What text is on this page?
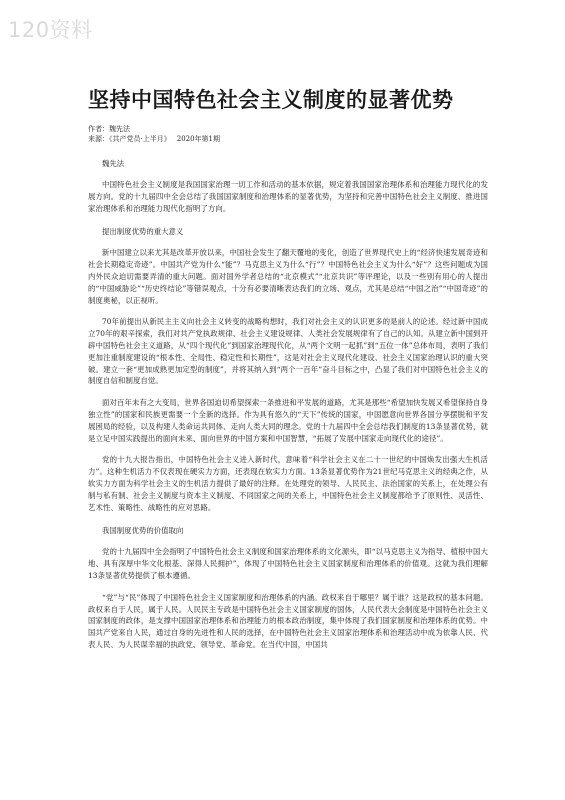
120资料
坚持中国特色社会主义制度的显著优势
作者：魏先法
来源：《共产党员·上半月》 2020年第1期
魏先法

中国特色社会主义制度是我国国家治理一切工作和活动的基本依据，规定着我国国家治理体系和治理能力现代化的发展方向。党的十九届四中全会总结了我国国家制度和治理体系的显著优势，为坚持和完善中国特色社会主义制度、推进国家治理体系和治理能力现代化指明了方向。

提出制度优势的重大意义

新中国建立以来尤其是改革开放以来，中国社会发生了翻天覆地的变化，创造了世界现代史上的“经济快速发展奇迹和社会长期稳定奇迹”。中国共产党为什么“能”？马克思主义为什么“行”？中国特色社会主义为什么“好”？这些问题成为国内外民众迫切需要弄清的重大问题。面对国外学者总结的“北京模式”“北京共识”等评理论，以及一些别有用心的人提出的“中国威胁论”“历史终结论”等错误观点，十分有必要清晰表达我们的立场、观点，尤其是总结“中国之治”“中国奇迹”的制度奥秘，以正视听。

70年前提出从新民主主义向社会主义转变的战略构想时，我们对社会主义的认识更多的是前人的论述。经过新中国成立70年的艰辛探索，我们对共产党执政规律、社会主义建设规律、人类社会发展规律有了自己的认知。从建立新中国到开辟中国特色社会主义道路，从“四个现代化”到国家治理现代化，从“两个文明一起抓”到“五位一体”总体布局，表明了我们更加注重制度建设的“根本性、全局性、稳定性和长期性”，这是对社会主义现代化建设、社会主义国家治理认识的重大突破。建立一套“更加成熟更加定型的制度”，并将其纳入到“两个一百年”奋斗目标之中，凸显了我们对中国特色社会主义的制度自信和制度自觉。

面对百年未有之大变局，世界各国迫切希望探索一条推进和平发展的道路，尤其是那些“希望加快发展又希望保持自身独立性”的国家和民族更需要一个全新的选择。作为具有悠久的“天下”传统的国家，中国愿意向世界各国分享摆脱和平发展困局的经验，以及构建人类命运共同体、走向人类大同的理念。党的十九届四中全会总结我们制度的13条显著优势，就是立足中国实践提出的面向未来、面向世界的中国方案和中国智慧，“拓展了发展中国家走向现代化的途径”。

党的十九大报告指出，中国特色社会主义进入新时代，意味着“科学社会主义在二十一世纪的中国焕发出强大生机活力”。这种生机活力不仅表现在硬实力方面，还表现在软实力方面。13条显著优势作为21世纪马克思主义的经典之作，从软实力方面为科学社会主义的生机活力提供了最好的注释。在处理党的领导、人民民主、法治国家的关系上，在处理公有制与私有制、社会主义制度与资本主义制度、不同国家之间的关系上，中国特色社会主义制度都给予了原则性、灵活性、艺术性、策略性、战略性的应对思路。

我国制度优势的价值取向

党的十九届四中全会指明了中国特色社会主义制度和国家治理体系的文化源头，即“以马克思主义为指导、植根中国大地、具有深厚中华文化根基、深得人民拥护”，体现了中国特色社会主义国家制度和治理体系的价值观。这就为我们理解13条显著优势提供了根本遵循。

“党”与“民”体现了中国特色社会主义国家制度和治理体系的内涵。政权来自于哪里？属于谁？这是政权的基本问题。政权来自于人民，属于人民。人民民主专政是中国特色社会主义国家制度的国体，人民代表大会制度是中国特色社会主义国家制度的政体，是支撑中国国家治理体系和治理能力的根本政治制度，集中体现了我们国家制度和治理体系的优势。中国共产党来自人民，通过自身的先进性和人民的选择，在中国特色社会主义国家治理体系和治理活动中成为依靠人民、代表人民、为人民谋幸福的执政党、领导党、革命党。在当代中国，中国共
